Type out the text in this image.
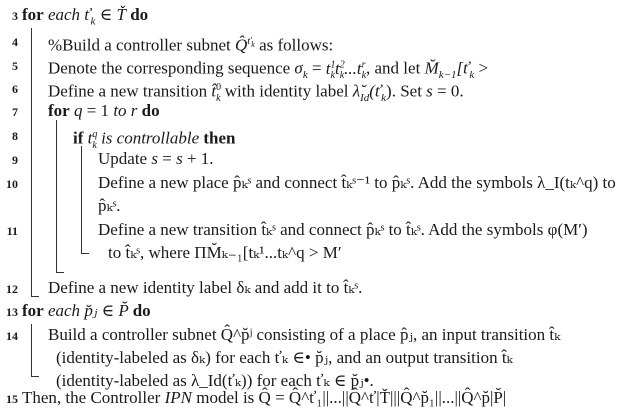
3
4
5
6
7
8
9
10
11
12
13
14
15
for each $ť_k$ ∈ Ť do
%Build a controller subnet Q̂$^{ť_k}$ as follows:
Denote the corresponding sequence $\sigma_k = t^1_kt^2_k...t^r_k$, and let $M̆_{k-1}[ť_k$ >
Define a new transition t̂$^0_k$ with identity label $\lambdă_{Id}(ť_k)$. Set s = 0.
for q = 1 to r do
if $t^q_k$ is controllable then
Update s = s + 1.
Define a new place p̂ₖˢ and connect t̂ₖˢ⁻¹ to p̂ₖˢ. Add the symbols λ_I(tₖ^q) to
p̂ₖˢ.
Define a new transition t̂ₖˢ and connect p̂ₖˢ to t̂ₖˢ. Add the symbols φ(M′)
to t̂ₖˢ, where ΠM̆ₖ₋₁[tₖ¹...tₖ^q > M′
Define a new identity label δₖ and add it to t̂ₖˢ.
for each p̆ⱼ ∈ P̆ do
Build a controller subnet Q̂^p̆ʲ consisting of a place p̂ⱼ, an input transition t̂ₖ
(identity-labeled as δₖ) for each ťₖ ∈• p̆ⱼ, and an output transition t̂ₖ
(identity-labeled as λ_Id(ťₖ)) for each ťₖ ∈ p̆ⱼ•.
Then, the Controller IPN model is Q̂ = Q̂^ť₁||...||Q̂^ť|Ť|||Q̂^p̆₁||...||Q̂^p̆|P̆|
